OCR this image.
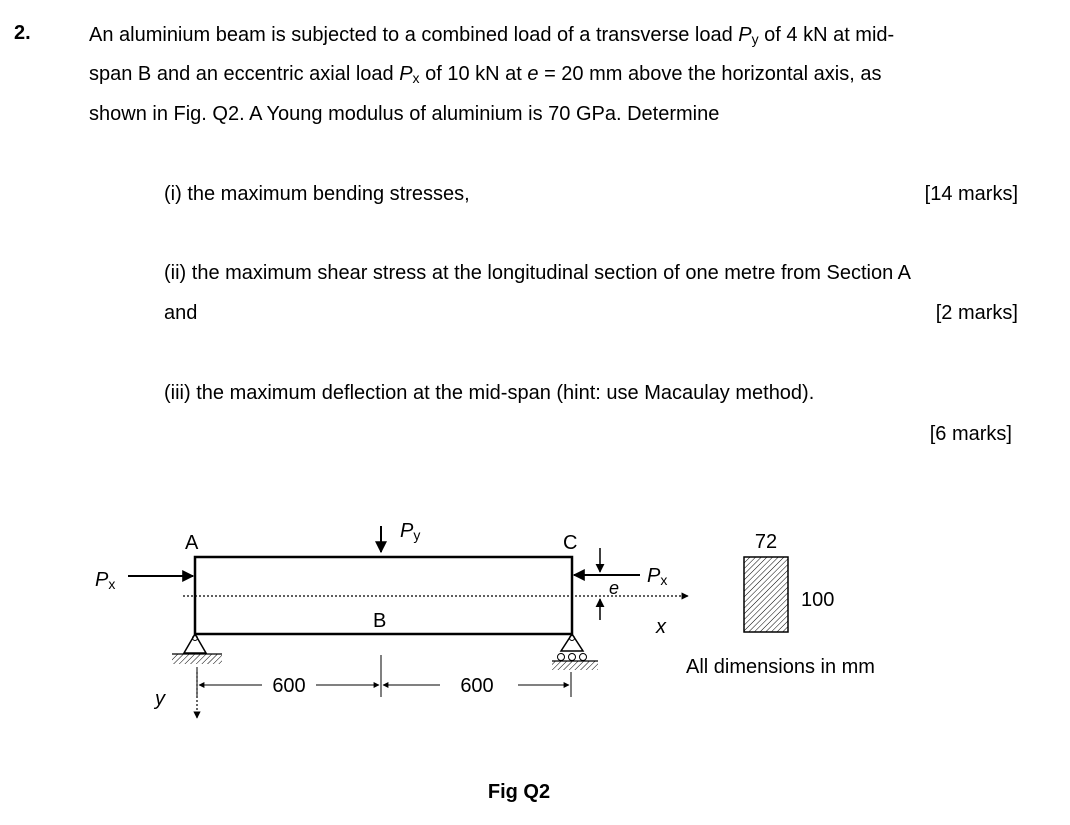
2.	An aluminium beam is subjected to a combined load of a transverse load $P_y$ of 4 kN at mid-
span B and an eccentric axial load $P_x$ of 10 kN at e = 20 mm above the horizontal axis, as
shown in Fig. Q2. A Young modulus of aluminium is 70 GPa. Determine
(i) the maximum bending stresses,	[14 marks]
(ii) the maximum shear stress at the longitudinal section of one metre from Section A
and	[2 marks]
(iii) the maximum deflection at the mid-span (hint: use Macaulay method).
[6 marks]
Px	Px
e
Py
A	C
B
600	600
y
x
72
100
All dimensions in mm
Fig Q2
